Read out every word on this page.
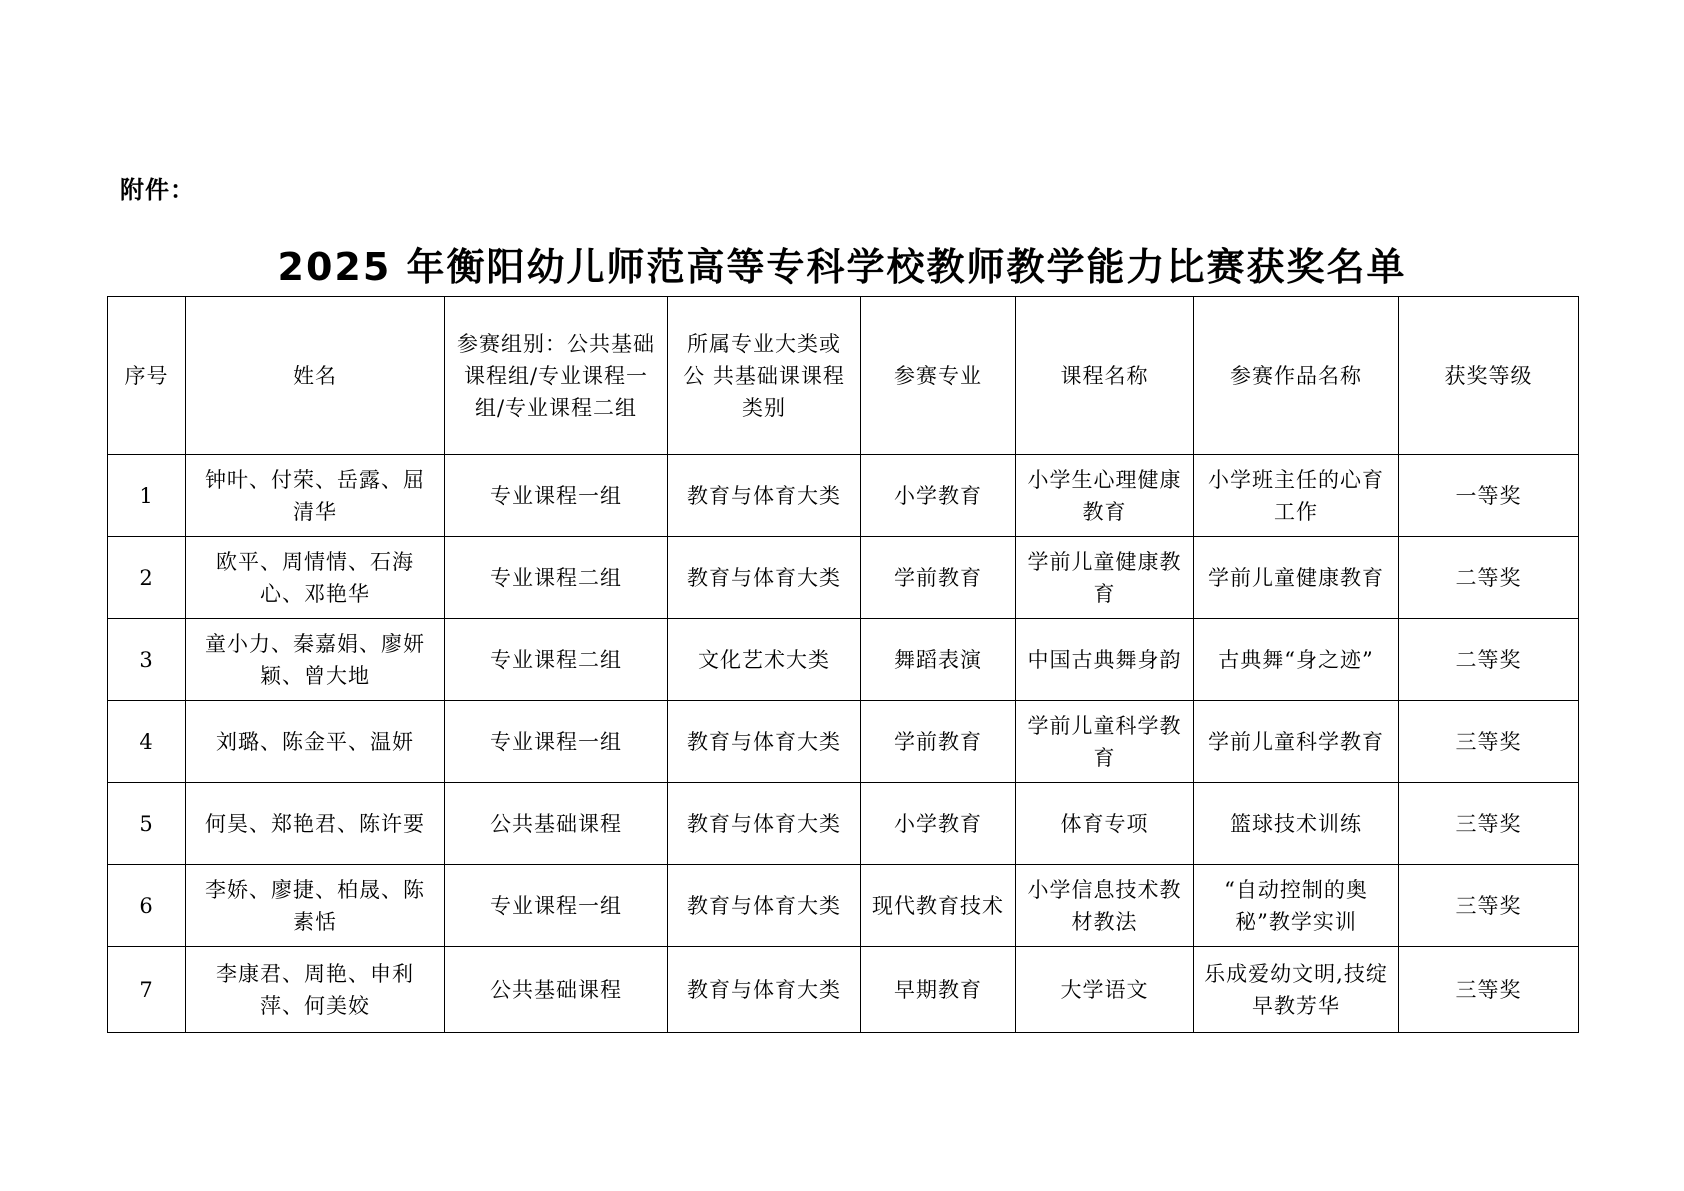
附件：
2025 年衡阳幼儿师范高等专科学校教师教学能力比赛获奖名单
序号	姓名	参赛组别：公共基础课程组/专业课程一组/专业课程二组	所属专业大类或公 共基础课课程类别	参赛专业	课程名称	参赛作品名称	获奖等级
1	钟叶、付荣、岳露、屈清华	专业课程一组	教育与体育大类	小学教育	小学生心理健康教育	小学班主任的心育工作	一等奖
2	欧平、周情情、石海心、邓艳华	专业课程二组	教育与体育大类	学前教育	学前儿童健康教育	学前儿童健康教育	二等奖
3	童小力、秦嘉娟、廖妍颖、曾大地	专业课程二组	文化艺术大类	舞蹈表演	中国古典舞身韵	古典舞“身之迹”	二等奖
4	刘璐、陈金平、温妍	专业课程一组	教育与体育大类	学前教育	学前儿童科学教育	学前儿童科学教育	三等奖
5	何昊、郑艳君、陈许要	公共基础课程	教育与体育大类	小学教育	体育专项	篮球技术训练	三等奖
6	李娇、廖捷、柏晟、陈素恬	专业课程一组	教育与体育大类	现代教育技术	小学信息技术教材教法	“自动控制的奥秘”教学实训	三等奖
7	李康君、周艳、申利萍、何美姣	公共基础课程	教育与体育大类	早期教育	大学语文	乐成爱幼文明,技绽早教芳华	三等奖
